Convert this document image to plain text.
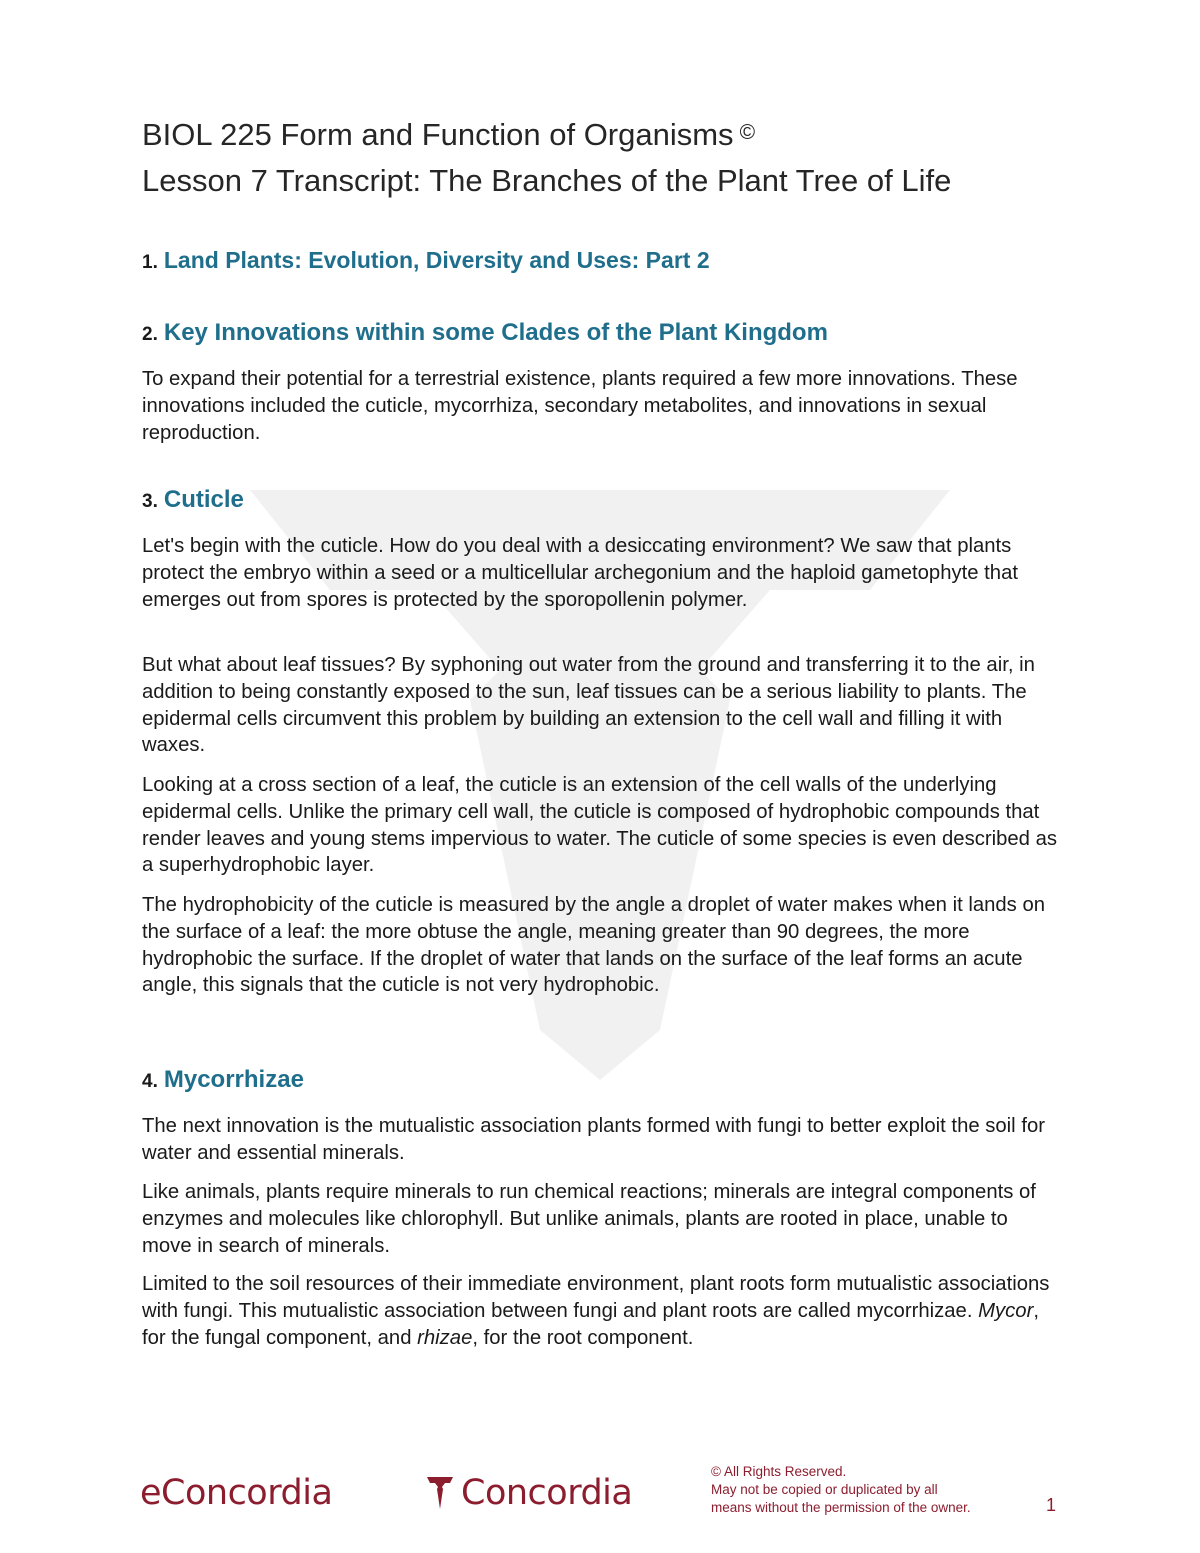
BIOL 225 Form and Function of Organisms ©
Lesson 7 Transcript: The Branches of the Plant Tree of Life
1. Land Plants: Evolution, Diversity and Uses: Part 2
2. Key Innovations within some Clades of the Plant Kingdom

To expand their potential for a terrestrial existence, plants required a few more innovations. These innovations included the cuticle, mycorrhiza, secondary metabolites, and innovations in sexual reproduction.

3. Cuticle

Let's begin with the cuticle. How do you deal with a desiccating environment? We saw that plants protect the embryo within a seed or a multicellular archegonium and the haploid gametophyte that emerges out from spores is protected by the sporopollenin polymer.

But what about leaf tissues? By syphoning out water from the ground and transferring it to the air, in addition to being constantly exposed to the sun, leaf tissues can be a serious liability to plants. The epidermal cells circumvent this problem by building an extension to the cell wall and filling it with waxes.

Looking at a cross section of a leaf, the cuticle is an extension of the cell walls of the underlying epidermal cells. Unlike the primary cell wall, the cuticle is composed of hydrophobic compounds that render leaves and young stems impervious to water. The cuticle of some species is even described as a superhydrophobic layer.

The hydrophobicity of the cuticle is measured by the angle a droplet of water makes when it lands on the surface of a leaf: the more obtuse the angle, meaning greater than 90 degrees, the more hydrophobic the surface. If the droplet of water that lands on the surface of the leaf forms an acute angle, this signals that the cuticle is not very hydrophobic.

4. Mycorrhizae

The next innovation is the mutualistic association plants formed with fungi to better exploit the soil for water and essential minerals.

Like animals, plants require minerals to run chemical reactions; minerals are integral components of enzymes and molecules like chlorophyll. But unlike animals, plants are rooted in place, unable to move in search of minerals.

Limited to the soil resources of their immediate environment, plant roots form mutualistic associations with fungi. This mutualistic association between fungi and plant roots are called mycorrhizae. Mycor, for the fungal component, and rhizae, for the root component.

eConcordia	Concordia
© All Rights Reserved.
May not be copied or duplicated by all
means without the permission of the owner.	1
